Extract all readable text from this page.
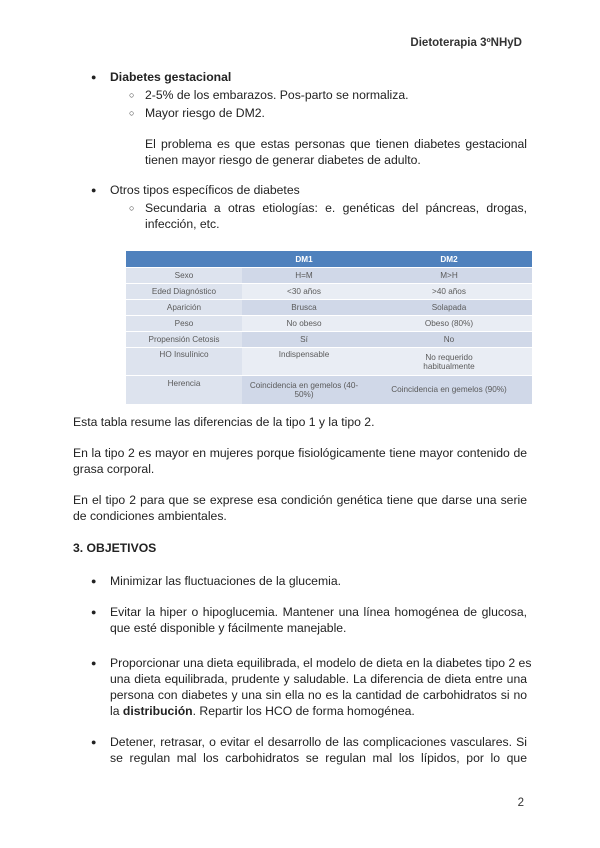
Dietoterapia 3ºNHyD
● Diabetes gestacional
○ 2-5% de los embarazos. Pos-parto se normaliza.
○ Mayor riesgo de DM2.
El problema es que estas personas que tienen diabetes gestacional
tienen mayor riesgo de generar diabetes de adulto.
● Otros tipos específicos de diabetes
○ Secundaria a otras etiologías: e. genéticas del páncreas, drogas,
infección, etc.
	DM1	DM2
Sexo	H=M	M>H
Eded Diagnóstico	<30 años	>40 años
Aparición	Brusca	Solapada
Peso	No obeso	Obeso (80%)
Propensión Cetosis	Sí	No
HO Insulínico	Indispensable	No requerido habitualmente
Herencia	Coincidencia en gemelos (40-50%)	Coincidencia en gemelos (90%)
Esta tabla resume las diferencias de la tipo 1 y la tipo 2.
En la tipo 2 es mayor en mujeres porque fisiológicamente tiene mayor contenido de
grasa corporal.
En el tipo 2 para que se exprese esa condición genética tiene que darse una serie
de condiciones ambientales.
3. OBJETIVOS
● Minimizar las fluctuaciones de la glucemia.
● Evitar la hiper o hipoglucemia. Mantener una línea homogénea de glucosa,
que esté disponible y fácilmente manejable.
● Proporcionar una dieta equilibrada, el modelo de dieta en la diabetes tipo 2 es
una dieta equilibrada, prudente y saludable. La diferencia de dieta entre una
persona con diabetes y una sin ella no es la cantidad de carbohidratos si no
la distribución. Repartir los HCO de forma homogénea.
● Detener, retrasar, o evitar el desarrollo de las complicaciones vasculares. Si
se regulan mal los carbohidratos se regulan mal los lípidos, por lo que
2
